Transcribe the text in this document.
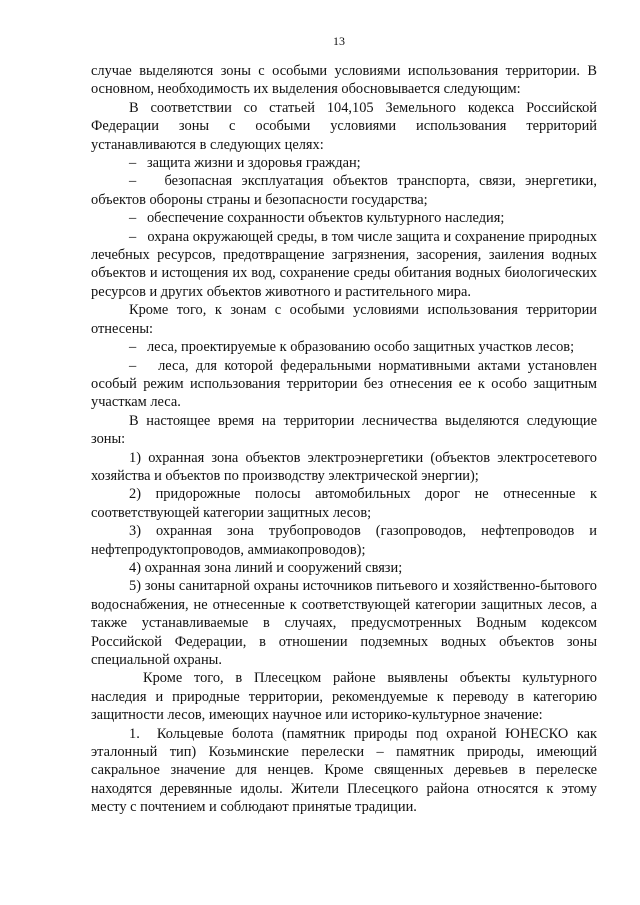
13

случае выделяются зоны с особыми условиями использования территории. В основном, необходимость их выделения обосновывается следующим:

В соответствии со статьей 104,105 Земельного кодекса Российской Федерации зоны с особыми условиями использования территорий устанавливаются в следующих целях:

–   защита жизни и здоровья граждан;

–   безопасная эксплуатация объектов транспорта, связи, энергетики, объектов обороны страны и безопасности государства;

–   обеспечение сохранности объектов культурного наследия;

–   охрана окружающей среды, в том числе защита и сохранение природных лечебных ресурсов, предотвращение загрязнения, засорения, заиления водных объектов и истощения их вод, сохранение среды обитания водных биологических ресурсов и других объектов животного и растительного мира.

Кроме того, к зонам с особыми условиями использования территории отнесены:

–   леса, проектируемые к образованию особо защитных участков лесов;

–   леса, для которой федеральными нормативными актами установлен особый режим использования территории без отнесения ее к особо защитным участкам леса.

В настоящее время на территории лесничества выделяются следующие зоны:

1) охранная зона объектов электроэнергетики (объектов электросетевого хозяйства и объектов по производству электрической энергии);

2) придорожные полосы автомобильных дорог не отнесенные к соответствующей категории защитных лесов;

3) охранная зона трубопроводов (газопроводов, нефтепроводов и нефтепродуктопроводов, аммиакопроводов);

4) охранная зона линий и сооружений связи;

5) зоны санитарной охраны источников питьевого и хозяйственно-бытового водоснабжения, не отнесенные к соответствующей категории защитных лесов, а также устанавливаемые в случаях, предусмотренных Водным кодексом Российской Федерации, в отношении подземных водных объектов зоны специальной охраны.

Кроме того, в Плесецком районе выявлены объекты культурного наследия и природные территории, рекомендуемые к переводу в категорию защитности лесов, имеющих научное или историко-культурное значение:

1.  Кольцевые болота (памятник природы под охраной ЮНЕСКО как эталонный тип) Козьминские перелески – памятник природы, имеющий сакральное значение для ненцев. Кроме священных деревьев в перелеске находятся деревянные идолы. Жители Плесецкого района относятся к этому месту с почтением и соблюдают принятые традиции.
